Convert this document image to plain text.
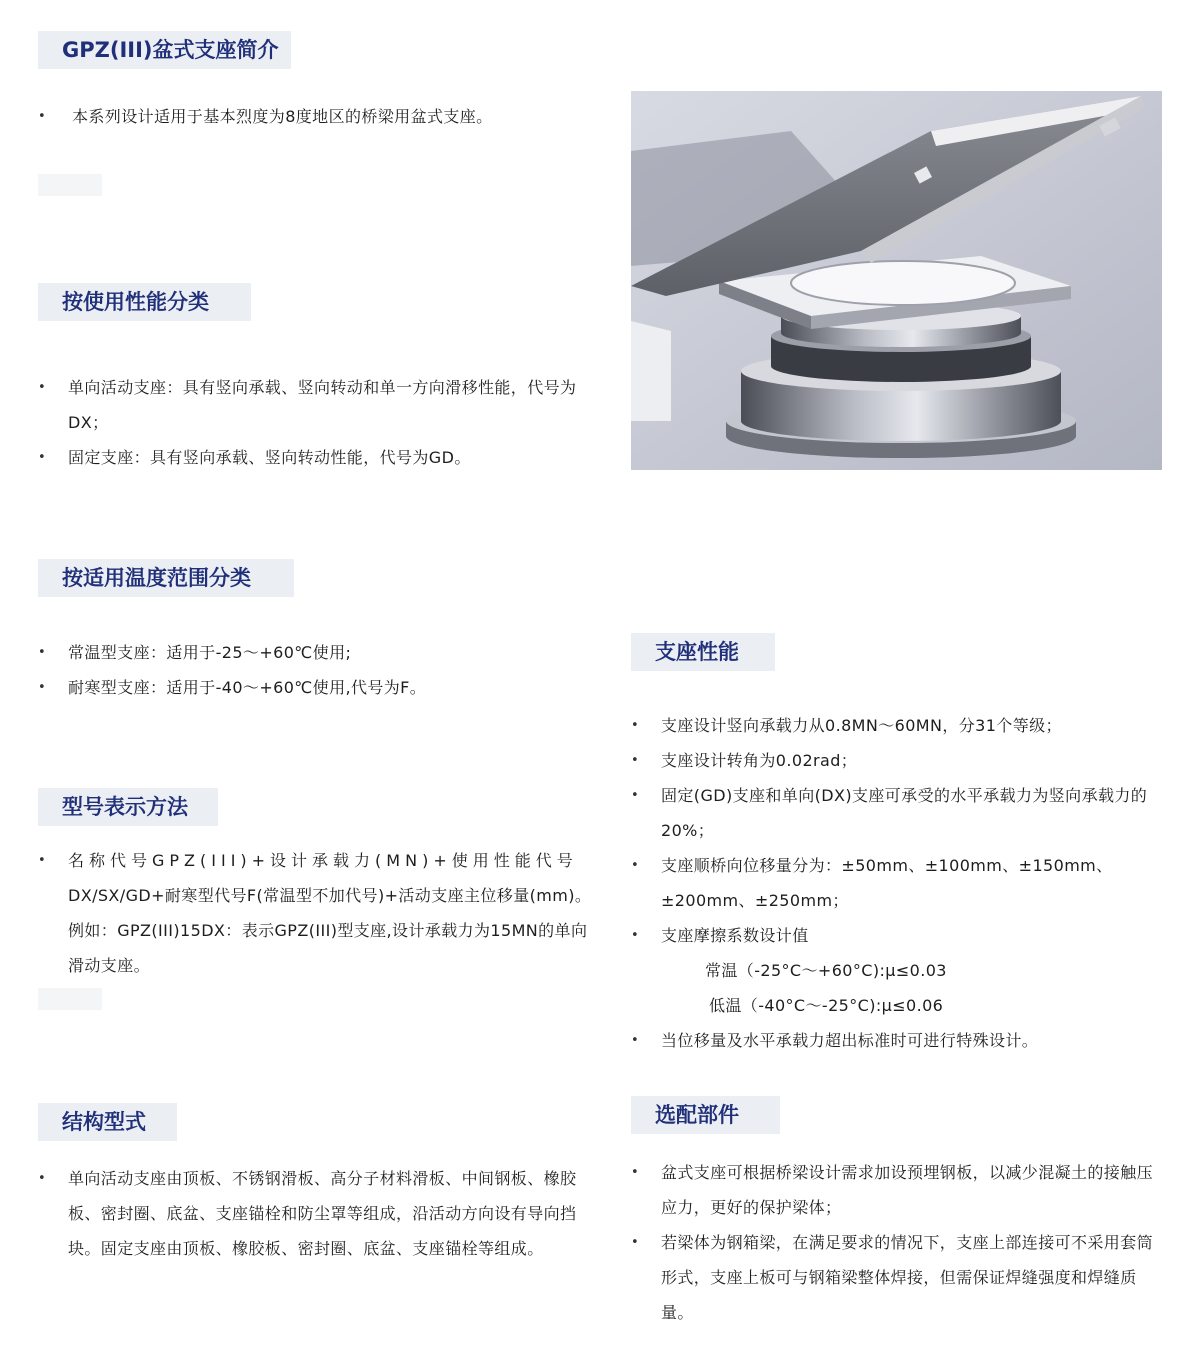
GPZ(III)盆式支座简介
• 本系列设计适用于基本烈度为8度地区的桥梁用盆式支座。
按使用性能分类
• 单向活动支座：具有竖向承载、竖向转动和单一方向滑移性能，代号为DX；
• 固定支座：具有竖向承载、竖向转动性能，代号为GD。
按适用温度范围分类
• 常温型支座：适用于-25～+60℃使用;
• 耐寒型支座：适用于-40～+60℃使用,代号为F。
型号表示方法
• 名称代号GPZ(III)+设计承载力(MN)+使用性能代号
DX/SX/GD+耐寒型代号F(常温型不加代号)+活动支座主位移量(mm)。例如：GPZ(III)15DX：表示GPZ(III)型支座,设计承载力为15MN的单向滑动支座。
结构型式
• 单向活动支座由顶板、不锈钢滑板、高分子材料滑板、中间钢板、橡胶板、密封圈、底盆、支座锚栓和防尘罩等组成，沿活动方向设有导向挡块。固定支座由顶板、橡胶板、密封圈、底盆、支座锚栓等组成。
支座性能
• 支座设计竖向承载力从0.8MN～60MN，分31个等级；
• 支座设计转角为0.02rad；
• 固定(GD)支座和单向(DX)支座可承受的水平承载力为竖向承载力的20%；
• 支座顺桥向位移量分为：±50mm、±100mm、±150mm、±200mm、±250mm；
• 支座摩擦系数设计值
常温（-25°C～+60°C):μ≤0.03
低温（-40°C～-25°C):μ≤0.06
• 当位移量及水平承载力超出标准时可进行特殊设计。
选配部件
• 盆式支座可根据桥梁设计需求加设预埋钢板，以减少混凝土的接触压应力，更好的保护梁体；
• 若梁体为钢箱梁，在满足要求的情况下，支座上部连接可不采用套筒形式，支座上板可与钢箱梁整体焊接，但需保证焊缝强度和焊缝质量。
